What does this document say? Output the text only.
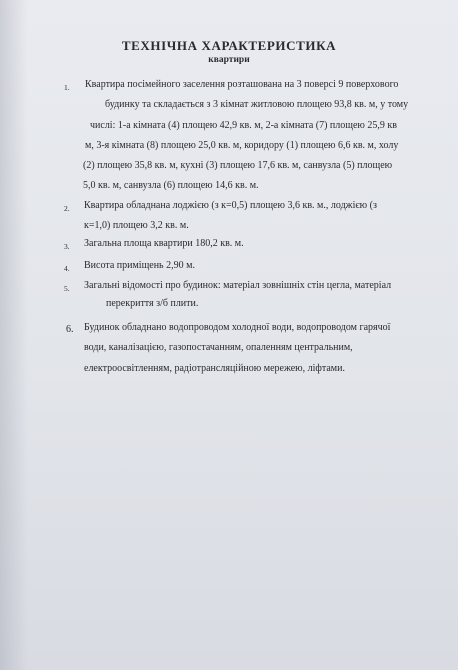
ТЕХНІЧНА ХАРАКТЕРИСТИКА
квартири
1. Квартира посімейного заселення розташована на 3 поверсі 9 поверхового
будинку та складається з 3 кімнат житловою площею 93,8 кв. м, у тому
числі: 1-а кімната (4) площею 42,9 кв. м, 2-а кімната (7) площею 25,9 кв
м, 3-я кімната (8) площею 25,0 кв. м, коридору (1) площею 6,6 кв. м, холу
(2) площею 35,8 кв. м, кухні (3) площею 17,6 кв. м, санвузла (5) площею
5,0 кв. м, санвузла (6) площею 14,6 кв. м.
2. Квартира обладнана лоджією (з к=0,5) площею 3,6 кв. м., лоджією (з
к=1,0) площею 3,2 кв. м.
3. Загальна площа квартири 180,2 кв. м.
4. Висота приміщень 2,90 м.
5. Загальні відомості про будинок: матеріал зовнішніх стін цегла, матеріал
перекриття з/б плити.
6. Будинок обладнано водопроводом холодної води, водопроводом гарячої
води, каналізацією, газопостачанням, опаленням центральним,
електроосвітленням, радіотрансляційною мережею, ліфтами.
